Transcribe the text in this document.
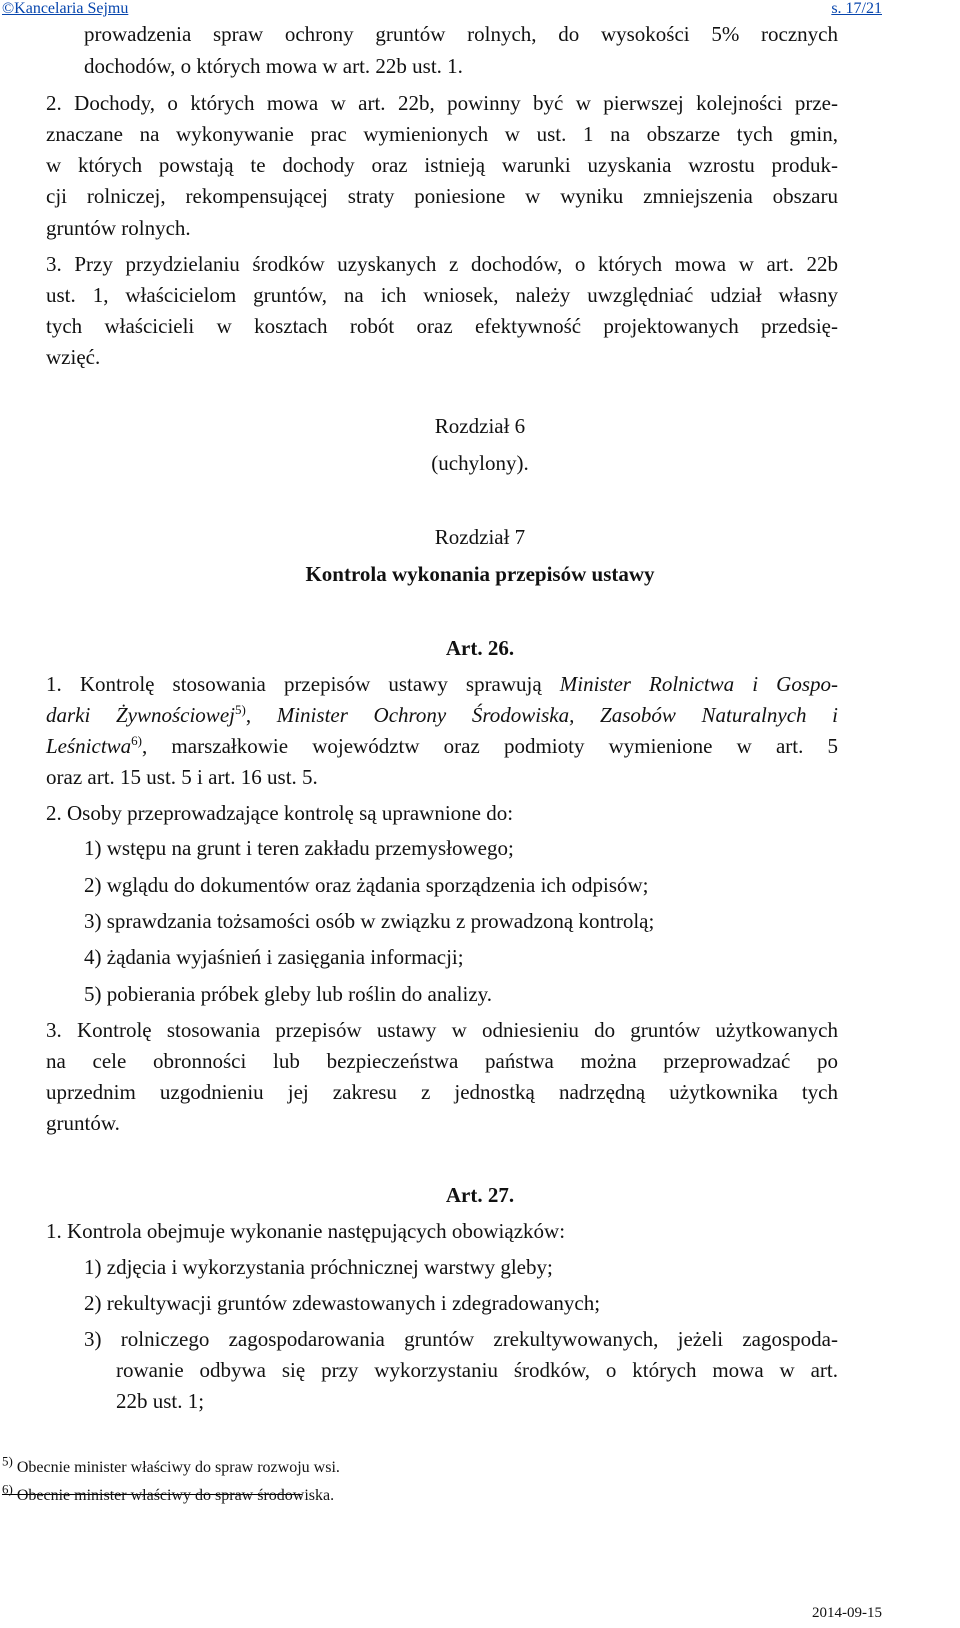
©Kancelaria Sejmu	s. 17/21
prowadzenia spraw ochrony gruntów rolnych, do wysokości 5% rocznych
dochodów, o których mowa w art. 22b ust. 1.
2. Dochody, o których mowa w art. 22b, powinny być w pierwszej kolejności prze-
znaczane na wykonywanie prac wymienionych w ust. 1 na obszarze tych gmin,
w których powstają te dochody oraz istnieją warunki uzyskania wzrostu produk-
cji rolniczej, rekompensującej straty poniesione w wyniku zmniejszenia obszaru
gruntów rolnych.
3. Przy przydzielaniu środków uzyskanych z dochodów, o których mowa w art. 22b
ust. 1, właścicielom gruntów, na ich wniosek, należy uwzględniać udział własny
tych właścicieli w kosztach robót oraz efektywność projektowanych przedsię-
wzięć.
Rozdział 6
(uchylony).
Rozdział 7
Kontrola wykonania przepisów ustawy
Art. 26.
1. Kontrolę stosowania przepisów ustawy sprawują Minister Rolnictwa i Gospo-
darki Żywnościowej$^{5)}$, Minister Ochrony Środowiska, Zasobów Naturalnych i
Leśnictwa$^{6)}$, marszałkowie województw oraz podmioty wymienione w art. 5
oraz art. 15 ust. 5 i art. 16 ust. 5.
2. Osoby przeprowadzające kontrolę są uprawnione do:
1) wstępu na grunt i teren zakładu przemysłowego;
2) wglądu do dokumentów oraz żądania sporządzenia ich odpisów;
3) sprawdzania tożsamości osób w związku z prowadzoną kontrolą;
4) żądania wyjaśnień i zasięgania informacji;
5) pobierania próbek gleby lub roślin do analizy.
3. Kontrolę stosowania przepisów ustawy w odniesieniu do gruntów użytkowanych
na cele obronności lub bezpieczeństwa państwa można przeprowadzać po
uprzednim uzgodnieniu jej zakresu z jednostką nadrzędną użytkownika tych
gruntów.
Art. 27.
1. Kontrola obejmuje wykonanie następujących obowiązków:
1) zdjęcia i wykorzystania próchnicznej warstwy gleby;
2) rekultywacji gruntów zdewastowanych i zdegradowanych;
3) rolniczego zagospodarowania gruntów zrekultywowanych, jeżeli zagospoda-
rowanie odbywa się przy wykorzystaniu środków, o których mowa w art.
22b ust. 1;
$^{5)}$ Obecnie minister właściwy do spraw rozwoju wsi.
$^{6)}$ Obecnie minister właściwy do spraw środowiska.
2014-09-15
